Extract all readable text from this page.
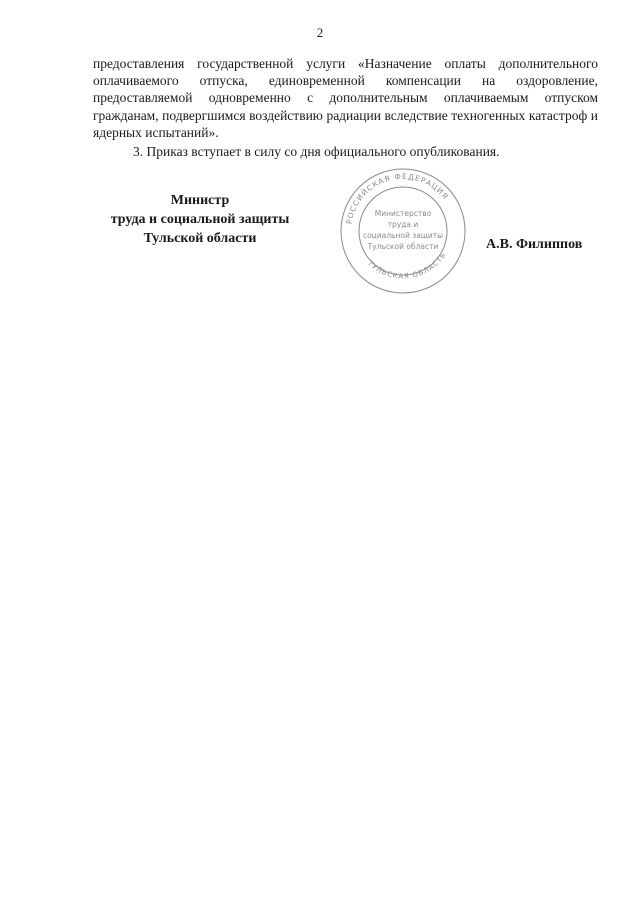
2

предоставления государственной услуги «Назначение оплаты дополнительного оплачиваемого отпуска, единовременной компенсации на оздоровление, предоставляемой одновременно с дополнительным оплачиваемым отпуском гражданам, подвергшимся воздействию радиации вследствие техногенных катастроф и ядерных испытаний».

3. Приказ вступает в силу со дня официального опубликования.

Министр
труда и социальной защиты
Тульской области
РОССИЙСКАЯ ФЕДЕРАЦИЯ
ТУЛЬСКАЯ ОБЛАСТЬ
Министерство
труда и
социальной защиты
Тульской области	А.В. Филиппов
